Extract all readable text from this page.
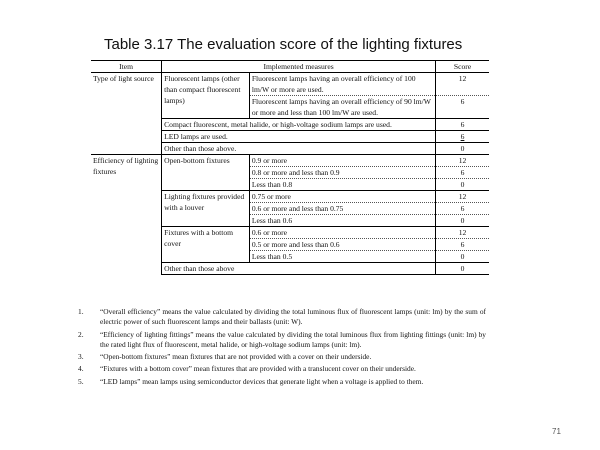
Table 3.17 The evaluation score of the lighting fixtures
Item	Implemented measures		Score
Type of light source	Fluorescent lamps (other than compact fluorescent lamps)	Fluorescent lamps having an overall efficiency of 100 lm/W or more are used.	12
		Fluorescent lamps having an overall efficiency of 90 lm/W or more and less than 100 lm/W are used.	6
	Compact fluorescent, metal halide, or high-voltage sodium lamps are used.		6
	LED lamps are used.		6
	Other than those above.		0
Efficiency of lighting fixtures	Open-bottom fixtures	0.9 or more	12
		0.8 or more and less than 0.9	6
		Less than 0.8	0
	Lighting fixtures provided with a louver	0.75 or more	12
		0.6 or more and less than 0.75	6
		Less than 0.6	0
	Fixtures with a bottom cover	0.6 or more	12
		0.5 or more and less than 0.6	6
		Less than 0.5	0
	Other than those above		0
1.	“Overall efficiency” means the value calculated by dividing the total luminous flux of fluorescent lamps (unit: lm) by the sum of electric power of such fluorescent lamps and their ballasts (unit: W).
2.	“Efficiency of lighting fittings” means the value calculated by dividing the total luminous flux from lighting fittings (unit: lm) by the rated light flux of fluorescent, metal halide, or high-voltage sodium lamps (unit: lm).
3.	“Open-bottom fixtures” mean fixtures that are not provided with a cover on their underside.
4.	“Fixtures with a bottom cover” mean fixtures that are provided with a translucent cover on their underside.
5.	“LED lamps” mean lamps using semiconductor devices that generate light when a voltage is applied to them.
71
